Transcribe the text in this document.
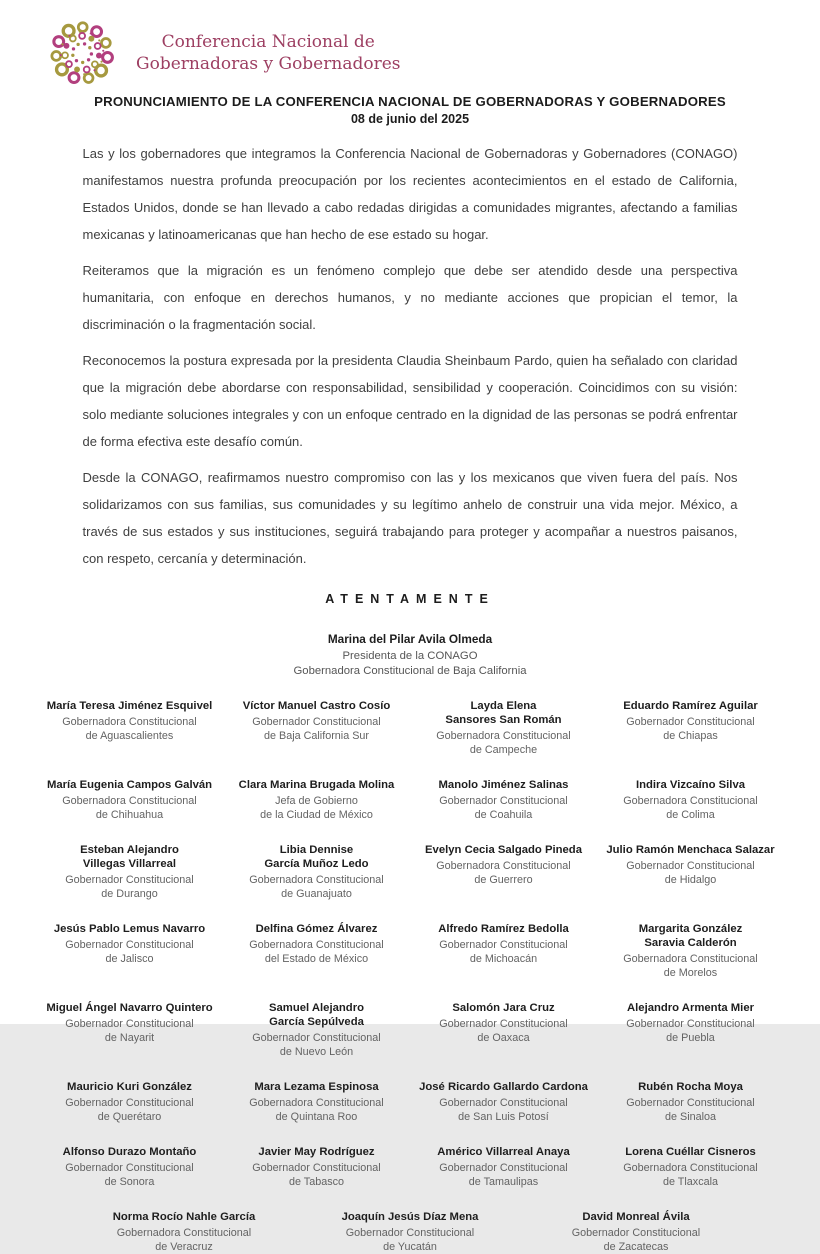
Conferencia Nacional de
Gobernadoras y Gobernadores
PRONUNCIAMIENTO DE LA CONFERENCIA NACIONAL DE GOBERNADORAS Y GOBERNADORES
08 de junio del 2025

Las y los gobernadores que integramos la Conferencia Nacional de Gobernadoras y Gobernadores (CONAGO) manifestamos nuestra profunda preocupación por los recientes acontecimientos en el estado de California, Estados Unidos, donde se han llevado a cabo redadas dirigidas a comunidades migrantes, afectando a familias mexicanas y latinoamericanas que han hecho de ese estado su hogar.

Reiteramos que la migración es un fenómeno complejo que debe ser atendido desde una perspectiva humanitaria, con enfoque en derechos humanos, y no mediante acciones que propician el temor, la discriminación o la fragmentación social.

Reconocemos la postura expresada por la presidenta Claudia Sheinbaum Pardo, quien ha señalado con claridad que la migración debe abordarse con responsabilidad, sensibilidad y cooperación. Coincidimos con su visión: solo mediante soluciones integrales y con un enfoque centrado en la dignidad de las personas se podrá enfrentar de forma efectiva este desafío común.

Desde la CONAGO, reafirmamos nuestro compromiso con las y los mexicanos que viven fuera del país. Nos solidarizamos con sus familias, sus comunidades y su legítimo anhelo de construir una vida mejor. México, a través de sus estados y sus instituciones, seguirá trabajando para proteger y acompañar a nuestros paisanos, con respeto, cercanía y determinación.

ATENTAMENTE
Marina del Pilar Avila Olmeda
Presidenta de la CONAGO
Gobernadora Constitucional de Baja California
María Teresa Jiménez Esquivel
Gobernadora Constitucional
de Aguascalientes
Víctor Manuel Castro Cosío
Gobernador Constitucional
de Baja California Sur
Layda Elena
Sansores San Román
Gobernadora Constitucional
de Campeche
Eduardo Ramírez Aguilar
Gobernador Constitucional
de Chiapas
María Eugenia Campos Galván
Gobernadora Constitucional
de Chihuahua
Clara Marina Brugada Molina
Jefa de Gobierno
de la Ciudad de México
Manolo Jiménez Salinas
Gobernador Constitucional
de Coahuila
Indira Vizcaíno Silva
Gobernadora Constitucional
de Colima
Esteban Alejandro
Villegas Villarreal
Gobernador Constitucional
de Durango
Libia Dennise
García Muñoz Ledo
Gobernadora Constitucional
de Guanajuato
Evelyn Cecia Salgado Pineda
Gobernadora Constitucional
de Guerrero
Julio Ramón Menchaca Salazar
Gobernador Constitucional
de Hidalgo
Jesús Pablo Lemus Navarro
Gobernador Constitucional
de Jalisco
Delfina Gómez Álvarez
Gobernadora Constitucional
del Estado de México
Alfredo Ramírez Bedolla
Gobernador Constitucional
de Michoacán
Margarita González
Saravia Calderón
Gobernadora Constitucional
de Morelos
Miguel Ángel Navarro Quintero
Gobernador Constitucional
de Nayarit
Samuel Alejandro
García Sepúlveda
Gobernador Constitucional
de Nuevo León
Salomón Jara Cruz
Gobernador Constitucional
de Oaxaca
Alejandro Armenta Mier
Gobernador Constitucional
de Puebla
Mauricio Kuri González
Gobernador Constitucional
de Querétaro
Mara Lezama Espinosa
Gobernadora Constitucional
de Quintana Roo
José Ricardo Gallardo Cardona
Gobernador Constitucional
de San Luis Potosí
Rubén Rocha Moya
Gobernador Constitucional
de Sinaloa
Alfonso Durazo Montaño
Gobernador Constitucional
de Sonora
Javier May Rodríguez
Gobernador Constitucional
de Tabasco
Américo Villarreal Anaya
Gobernador Constitucional
de Tamaulipas
Lorena Cuéllar Cisneros
Gobernadora Constitucional
de Tlaxcala
Norma Rocío Nahle García
Gobernadora Constitucional
de Veracruz
Joaquín Jesús Díaz Mena
Gobernador Constitucional
de Yucatán
David Monreal Ávila
Gobernador Constitucional
de Zacatecas
